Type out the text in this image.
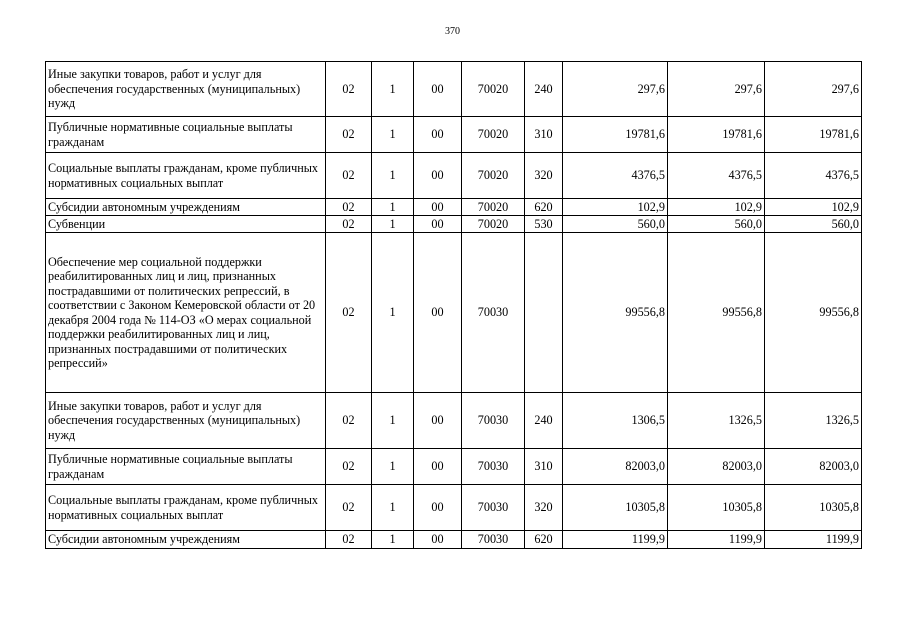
370
Иные закупки товаров, работ и услуг для обеспечения государственных (муниципальных) нужд	02	1	00	70020	240	297,6	297,6	297,6
Публичные нормативные социальные выплаты гражданам	02	1	00	70020	310	19781,6	19781,6	19781,6
Социальные выплаты гражданам, кроме публичных нормативных социальных выплат	02	1	00	70020	320	4376,5	4376,5	4376,5
Субсидии автономным учреждениям	02	1	00	70020	620	102,9	102,9	102,9
Субвенции	02	1	00	70020	530	560,0	560,0	560,0
Обеспечение мер социальной поддержки реабилитированных лиц и лиц, признанных пострадавшими от политических репрессий, в соответствии с Законом Кемеровской области от 20 декабря 2004 года № 114-ОЗ «О мерах социальной поддержки реабилитированных лиц и лиц, признанных пострадавшими от политических репрессий»	02	1	00	70030		99556,8	99556,8	99556,8
Иные закупки товаров, работ и услуг для обеспечения государственных (муниципальных) нужд	02	1	00	70030	240	1306,5	1326,5	1326,5
Публичные нормативные социальные выплаты гражданам	02	1	00	70030	310	82003,0	82003,0	82003,0
Социальные выплаты гражданам, кроме публичных нормативных социальных выплат	02	1	00	70030	320	10305,8	10305,8	10305,8
Субсидии автономным учреждениям	02	1	00	70030	620	1199,9	1199,9	1199,9
